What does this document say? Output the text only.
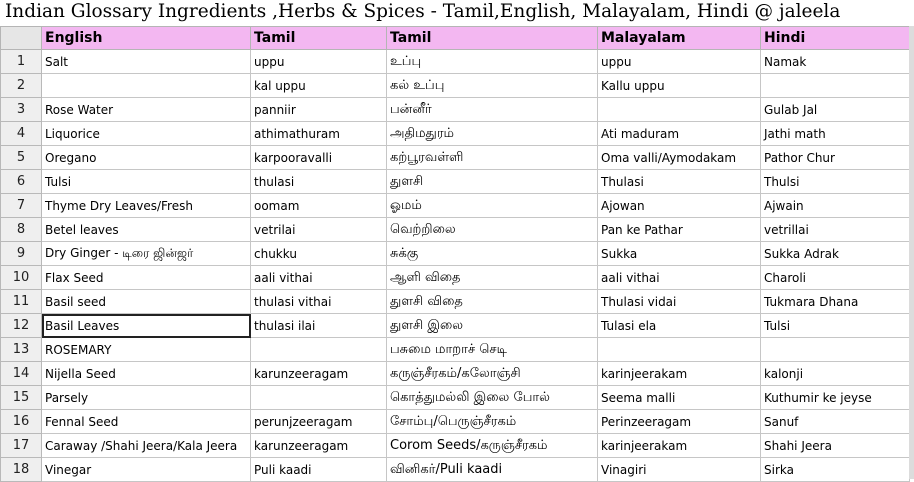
Indian Glossary Ingredients ,Herbs & Spices - Tamil,English, Malayalam, Hindi @ jaleela
	English	Tamil	Tamil	Malayalam	Hindi
1	Salt	uppu	உப்பு	uppu	Namak
2		kal uppu	கல் உப்பு	Kallu uppu	
3	Rose Water	panniir	பன்னீர்		Gulab Jal
4	Liquorice	athimathuram	அதிமதுரம்	Ati maduram	Jathi math
5	Oregano	karpooravalli	கற்பூரவள்ளி	Oma valli/Aymodakam	Pathor Chur
6	Tulsi	thulasi	துளசி	Thulasi	Thulsi
7	Thyme Dry Leaves/Fresh	oomam	ஓமம்	Ajowan	Ajwain
8	Betel leaves	vetrilai	வெற்றிலை	Pan ke Pathar	vetrillai
9	Dry Ginger - டிரை ஜின்ஜர்	chukku	சுக்கு	Sukka	Sukka Adrak
10	Flax Seed	aali vithai	ஆளி விதை	aali vithai	Charoli
11	Basil seed	thulasi vithai	துளசி விதை	Thulasi vidai	Tukmara Dhana
12	Basil Leaves	thulasi ilai	துளசி இலை	Tulasi ela	Tulsi
13	ROSEMARY		பசுமை மாறாச் செடி		
14	Nijella Seed	karunzeeragam	கருஞ்சீரகம்/கலோஞ்சி	karinjeerakam	kalonji
15	Parsely		கொத்துமல்லி இலை போல்	Seema malli	Kuthumir ke jeyse
16	Fennal Seed	perunjzeeragam	சோம்பு/பெருஞ்சீரகம்	Perinzeeragam	Sanuf
17	Caraway /Shahi Jeera/Kala Jeera	karunzeeragam	Corom Seeds/கருஞ்சீரகம்	karinjeerakam	Shahi Jeera
18	Vinegar	Puli kaadi	வினிகர்/Puli kaadi	Vinagiri	Sirka
